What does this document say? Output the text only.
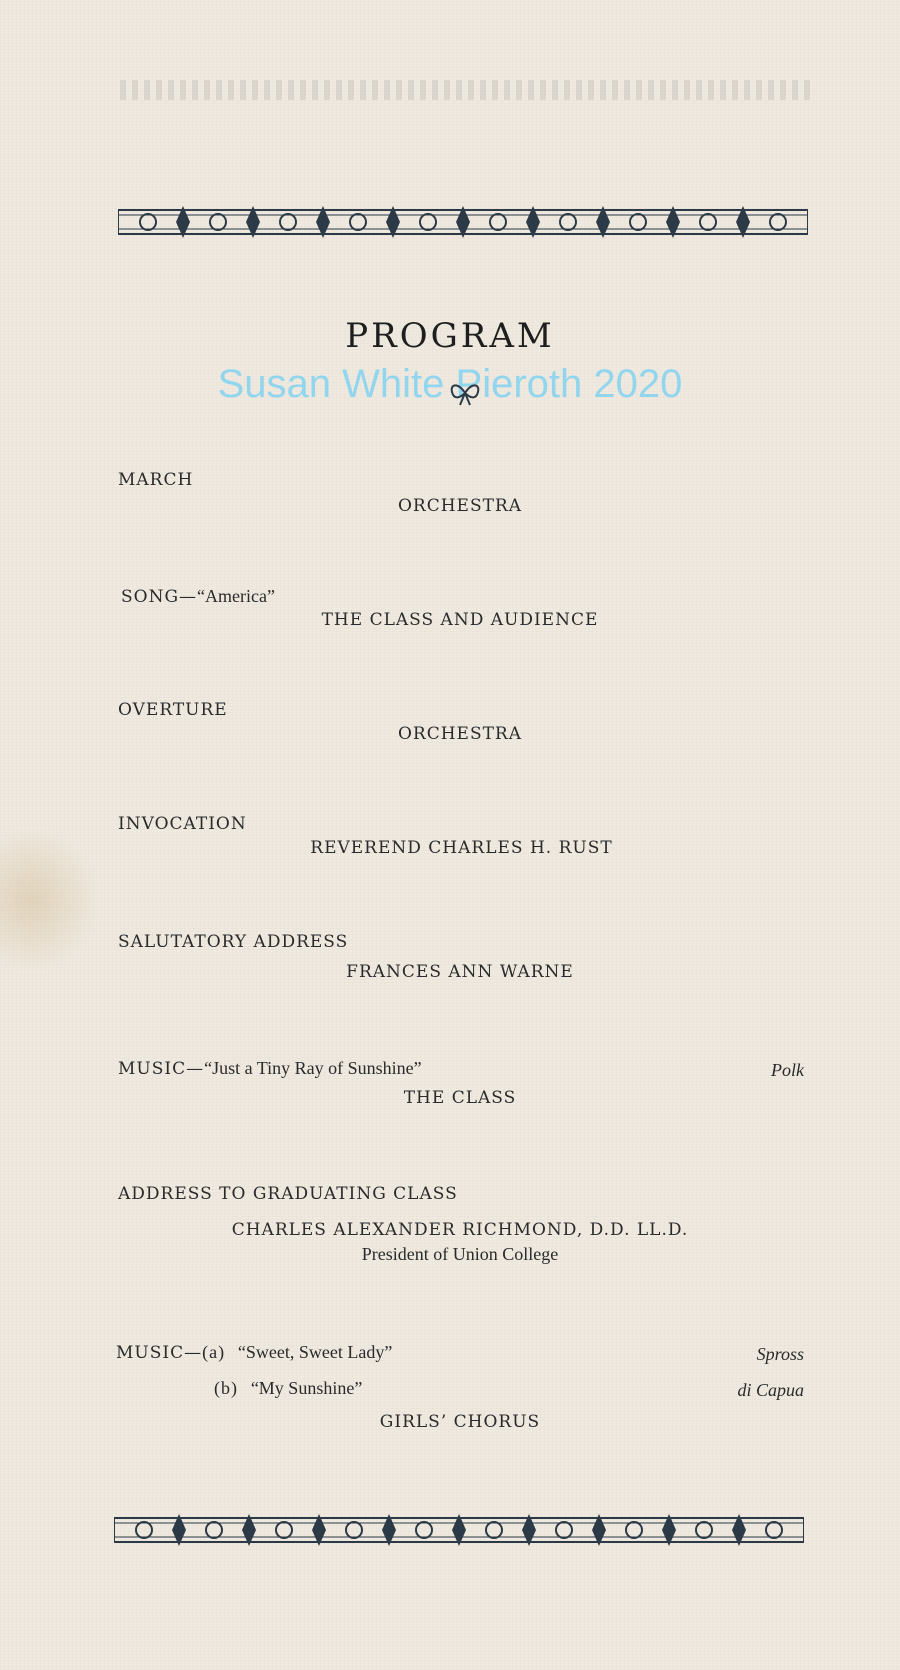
PROGRAM
Susan White Pieroth 2020
MARCH
ORCHESTRA
SONG—“America”
THE CLASS AND AUDIENCE
OVERTURE
ORCHESTRA
INVOCATION
REVEREND CHARLES H. RUST
SALUTATORY ADDRESS
FRANCES ANN WARNE
MUSIC—“Just a Tiny Ray of Sunshine”	Polk
THE CLASS
ADDRESS TO GRADUATING CLASS
CHARLES ALEXANDER RICHMOND, D.D. LL.D.
President of Union College
MUSIC—(a) “Sweet, Sweet Lady”	Spross
(b) “My Sunshine”	di Capua
GIRLS’ CHORUS
